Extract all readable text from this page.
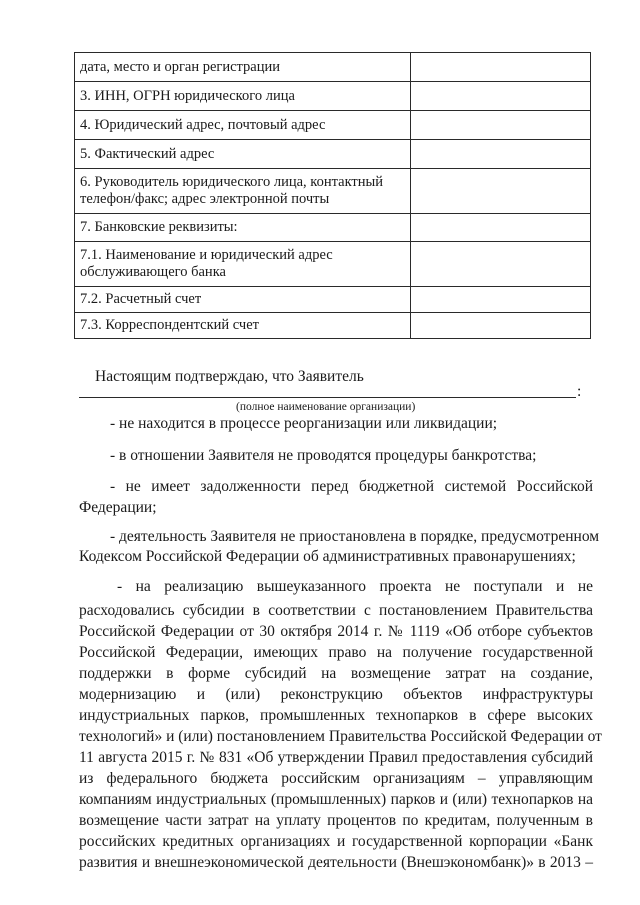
дата, место и орган регистрации	
3. ИНН, ОГРН юридического лица	
4. Юридический адрес, почтовый адрес	
5. Фактический адрес	

6. Руководитель юридического лица, контактный
телефон/факс; адрес электронной почты	

7. Банковские реквизиты:	

7.1. Наименование и юридический адрес
обслуживающего банка	

7.2. Расчетный счет	
7.3. Корреспондентский счет	
Настоящим подтверждаю, что Заявитель
:
(полное наименование организации)
- не находится в процессе реорганизации или ликвидации;
- в отношении Заявителя не проводятся процедуры банкротства;
- не имеет задолженности перед бюджетной системой Российской
Федерации;
- деятельность Заявителя не приостановлена в порядке, предусмотренном
Кодексом Российской Федерации об административных правонарушениях;
- на реализацию вышеуказанного проекта не поступали и не
расходовались субсидии в соответствии с постановлением Правительства
Российской Федерации от 30 октября 2014 г. № 1119 «Об отборе субъектов
Российской Федерации, имеющих право на получение государственной
поддержки в форме субсидий на возмещение затрат на создание,
модернизацию и (или) реконструкцию объектов инфраструктуры
индустриальных парков, промышленных технопарков в сфере высоких
технологий» и (или) постановлением Правительства Российской Федерации от
11 августа 2015 г. № 831 «Об утверждении Правил предоставления субсидий
из федерального бюджета российским организациям – управляющим
компаниям индустриальных (промышленных) парков и (или) технопарков на
возмещение части затрат на уплату процентов по кредитам, полученным в
российских кредитных организациях и государственной корпорации «Банк
развития и внешнеэкономической деятельности (Внешэкономбанк)» в 2013 –
